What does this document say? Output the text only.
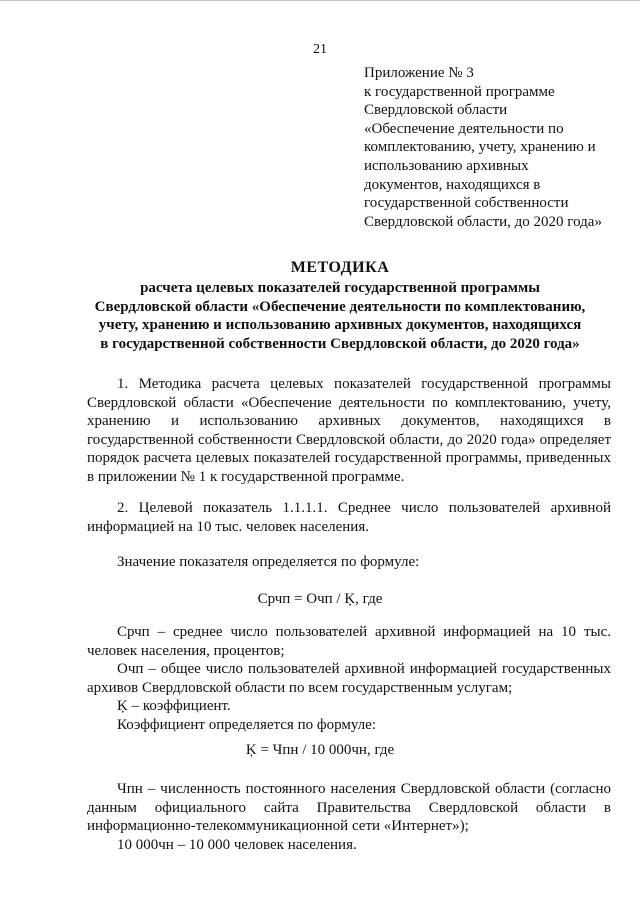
21
Приложение № 3
к государственной программе
Свердловской области
«Обеспечение деятельности по
комплектованию, учету, хранению и
использованию архивных
документов, находящихся в
государственной собственности
Свердловской области, до 2020 года»
МЕТОДИКА
расчета целевых показателей государственной программы
Свердловской области «Обеспечение деятельности по комплектованию,
учету, хранению и использованию архивных документов, находящихся
в государственной собственности Свердловской области, до 2020 года»
1. Методика расчета целевых показателей государственной программы
Свердловской области «Обеспечение деятельности по комплектованию, учету,
хранению и использованию архивных документов, находящихся в
государственной собственности Свердловской области, до 2020 года» определяет
порядок расчета целевых показателей государственной программы, приведенных
в приложении № 1 к государственной программе.
2. Целевой показатель 1.1.1.1. Среднее число пользователей архивной
информацией на 10 тыс. человек населения.
Значение показателя определяется по формуле:
Срчп = Очп / Ķ, где
Срчп – среднее число пользователей архивной информацией на 10 тыс.
человек населения, процентов;
Очп – общее число пользователей архивной информацией государственных
архивов Свердловской области по всем государственным услугам;
Ķ – коэффициент.
Коэффициент определяется по формуле:
Ķ = Чпн / 10 000чн, где
Чпн – численность постоянного населения Свердловской области (согласно
данным официального сайта Правительства Свердловской области в
информационно-телекоммуникационной сети «Интернет»);
10 000чн – 10 000 человек населения.
